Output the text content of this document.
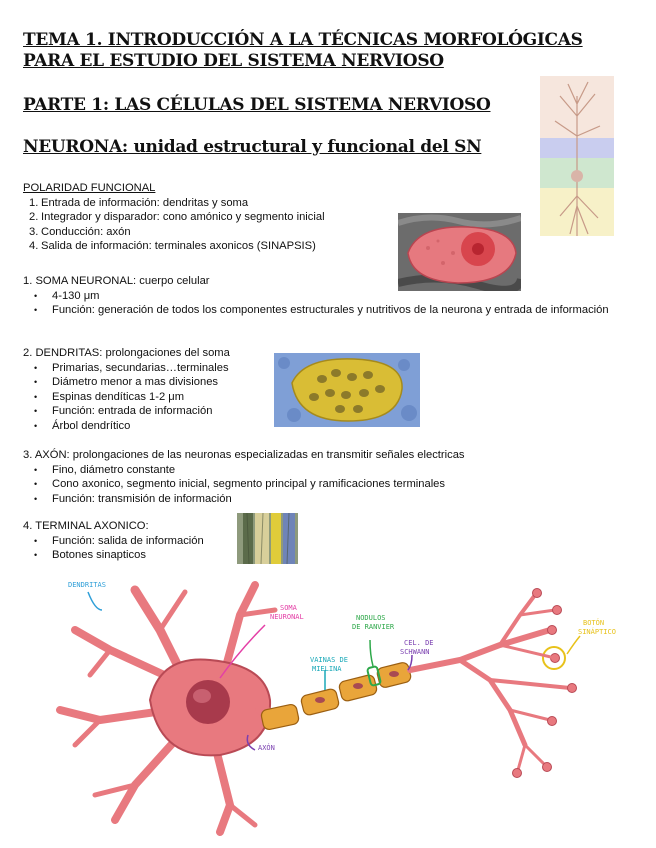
TEMA 1. INTRODUCCIÓN A LA TÉCNICAS MORFOLÓGICAS PARA EL ESTUDIO DEL SISTEMA NERVIOSO
PARTE 1: LAS CÉLULAS DEL SISTEMA NERVIOSO
NEURONA: unidad estructural y funcional del SN
POLARIDAD FUNCIONAL
1. Entrada de información: dendritas y soma
2. Integrador y disparador: cono amónico y segmento inicial
3. Conducción: axón
4. Salida de información: terminales axonicos (SINAPSIS)
1. SOMA NEURONAL: cuerpo celular
• 4-130 μm
• Función: generación de todos los componentes estructurales y nutritivos de la neurona y entrada de información
2. DENDRITAS: prolongaciones del soma
• Primarias, secundarias…terminales
• Diámetro menor a mas divisiones
• Espinas dendíticas 1-2 μm
• Función: entrada de información
• Árbol dendrítico
3. AXÓN: prolongaciones de las neuronas especializadas en transmitir señales electricas
• Fino, diámetro constante
• Cono axonico, segmento inicial, segmento principal y ramificaciones terminales
• Función: transmisión de información
4. TERMINAL AXONICO:
• Función: salida de información
• Botones sinapticos
DENDRITAS
SOMA NEURONAL
AXÓN
VAINAS DE MIELINA
NODULOS DE RANVIER
CEL. DE SCHWANN
BOTÓN SINÁPTICO
